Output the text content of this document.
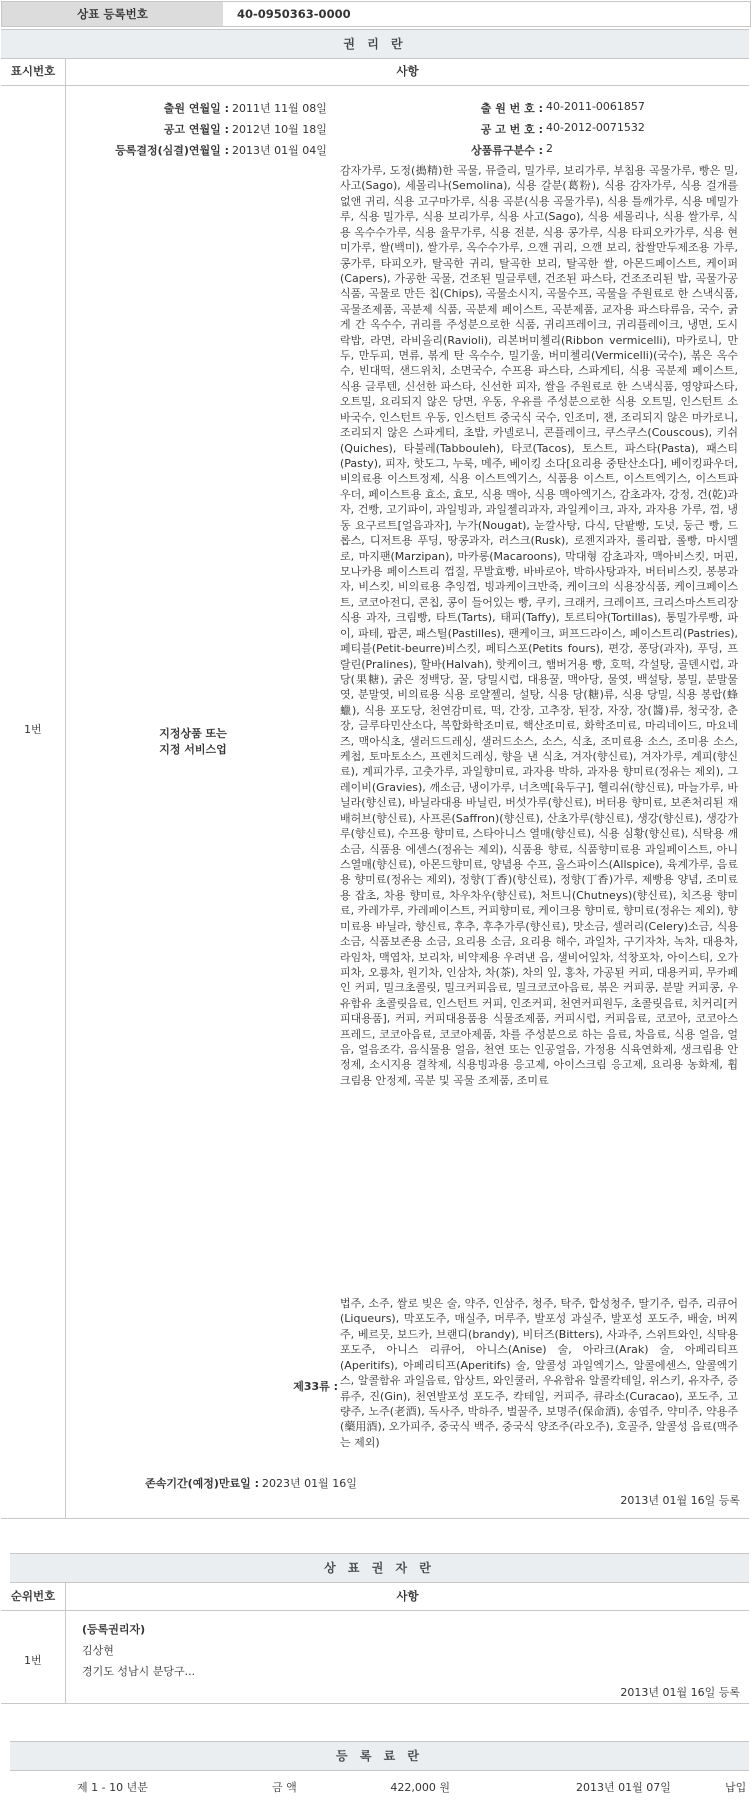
상표 등록번호	40-0950363-0000
권 리 란
표시번호	사항
1번
출원 연월일 : 2011년 11월 08일
공고 연월일 : 2012년 10월 18일
등록결정(심결)연월일 : 2013년 01월 04일
출 원 번 호 : 40-2011-0061857
공 고 번 호 : 40-2012-0071532
상품류구분수 : 2
지정상품 또는
지정 서비스업
감자가루, 도정(搗精)한 곡물, 뮤즐리, 밀가루, 보리가루, 부침용 곡물가루, 빵은 밀, 사고(Sago), 세몰리나(Semolina), 식용 갈분(葛粉), 식용 감자가루, 식용 걸개를 없앤 귀리, 식용 고구마가루, 식용 곡분(식용 곡물가루), 식용 틀깨가루, 식용 메밀가루, 식용 밀가루, 식용 보리가루, 식용 사고(Sago), 식용 세몰리나, 식용 쌀가루, 식용 옥수수가루, 식용 율무가루, 식용 전분, 식용 콩가루, 식용 타피오카가루, 식용 현미가루, 쌀(백미), 쌀가루, 옥수수가루, 으깬 귀리, 으깬 보리, 찹쌀만두제조용 가루, 콩가루, 타피오카, 탈곡한 귀리, 탈곡한 보리, 탈곡한 쌀, 아몬드페이스트, 케이퍼(Capers), 가공한 곡물, 건조된 밀글루텐, 건조된 파스타, 건조조리된 밥, 곡물가공식품, 곡물로 만든 칩(Chips), 곡물소시지, 곡물수프, 곡물을 주원료로 한 스낵식품, 곡물조제품, 곡분제 식품, 곡분제 페이스트, 곡분제품, 교자용 파스타류음, 국수, 굵게 간 옥수수, 귀리를 주성분으로한 식품, 귀리프레이크, 귀리플레이크, 냉면, 도시락밥, 라면, 라비올리(Ravioli), 리본버미첼리(Ribbon vermicelli), 마카로니, 만두, 만두피, 면류, 볶게 탄 옥수수, 밀기울, 버미첼리(Vermicelli)(국수), 볶은 옥수수, 빈대떡, 샌드위치, 소면국수, 수프용 파스타, 스파게티, 식용 곡분제 페이스트, 식용 글루텐, 신선한 파스타, 신선한 피자, 쌀을 주원료로 한 스낵식품, 영양파스타, 오트밀, 요리되지 않은 당면, 우동, 우유를 주성분으로한 식용 오트밀, 인스턴트 소바국수, 인스턴트 우동, 인스턴트 중국식 국수, 인조미, 잰, 조리되지 않은 마카로니, 조리되지 않은 스파게티, 초밥, 카넬로니, 콘플레이크, 쿠스쿠스(Couscous), 키쉬(Quiches), 타불레(Tabbouleh), 타코(Tacos), 토스트, 파스타(Pasta), 패스티(Pasty), 피자, 핫도그, 누룩, 메주, 베이킹 소다[요리용 중탄산소다], 베이킹파우더, 비의료용 이스트정제, 식용 이스트엑기스, 식품용 이스트, 이스트엑기스, 이스트파우더, 페이스트용 효소, 효모, 식용 맥아, 식용 맥아엑기스, 감초과자, 강정, 건(乾)과자, 건빵, 고기파이, 과일빙과, 과일젤리과자, 과일케이크, 과자, 과자용 가루, 껌, 냉동 요구르트[얼음과자], 누가(Nougat), 눈깔사탕, 다식, 단팥빵, 도넛, 둥근 빵, 드롭스, 디저트용 푸딩, 땅콩과자, 러스크(Rusk), 로젠지과자, 롤리팝, 롤빵, 마시멜로, 마지팬(Marzipan), 마카롱(Macaroons), 막대형 감초과자, 맥아비스킷, 머핀, 모나카용 페이스트리 껍질, 무발효빵, 바바로아, 박하사탕과자, 버터비스킷, 봉봉과자, 비스킷, 비의료용 추잉껌, 빙과케이크반죽, 케이크의 식용장식품, 케이크페이스트, 코코아전디, 콘칩, 콩이 들어있는 빵, 쿠키, 크래커, 크레이프, 크리스마스트리장식용 과자, 크림빵, 타트(Tarts), 태피(Taffy), 토르티야(Tortillas), 통밀가루빵, 파이, 파테, 팝콘, 패스틸(Pastilles), 팬케이크, 퍼프드라이스, 페이스트리(Pastries), 페티블(Petit-beurre)비스킷, 페티스포(Petits fours), 편강, 퐁당(과자), 푸딩, 프랄린(Pralines), 할바(Halvah), 핫케이크, 햄버거용 빵, 호떡, 각설탕, 골덴시럽, 과당(果糖), 굵은 정백당, 꿀, 당밀시럽, 대용꿀, 맥아당, 물엿, 백설탕, 봉밀, 분말물엿, 분말엿, 비의료용 식용 로얄젤리, 설탕, 식용 당(糖)류, 식용 당밀, 식용 봉랍(蜂蠟), 식용 포도당, 천연감미료, 떡, 간장, 고추장, 된장, 자장, 장(醬)류, 청국장, 춘장, 글루타민산소다, 복합화학조미료, 핵산조미료, 화학조미료, 마리네이드, 마요네즈, 맥아식초, 샐러드드레싱, 샐러드소스, 소스, 식초, 조미료용 소스, 조미용 소스, 케첩, 토마토소스, 프렌치드레싱, 향을 낸 식초, 겨자(향신료), 겨자가루, 계피(향신료), 계피가루, 고춧가루, 과일향미료, 과자용 박하, 과자용 향미료(정유는 제외), 그레이비(Gravies), 깨소금, 냉이가루, 너츠멕[육두구], 헬리쉬(향신료), 마늘가루, 바닐라(향신료), 바닐라대용 바닐린, 버섯가루(향신료), 버터용 향미료, 보존처리된 재배허브(향신료), 사프론(Saffron)(향신료), 산초가루(향신료), 생강(향신료), 생강가루(향신료), 수프용 향미료, 스타아니스 열매(향신료), 식용 심황(향신료), 식탁용 깨소금, 식품용 에센스(정유는 제외), 식품용 향료, 식품향미료용 과일페이스트, 아니스열매(향신료), 아몬드향미료, 양념용 수프, 올스파이스(Allspice), 육계가루, 음료용 향미료(정유는 제외), 정향(丁香)(향신료), 정향(丁香)가루, 제빵용 양념, 조미료용 잡초, 차용 향미료, 차우차우(향신료), 처트니(Chutneys)(향신료), 치즈용 향미료, 카레가루, 카레페이스트, 커피향미료, 케이크용 향미료, 향미료(정유는 제외), 향미료용 바닐라, 향신료, 후추, 후추가루(향신료), 맛소금, 셀러리(Celery)소금, 식용 소금, 식품보존용 소금, 요리용 소금, 요리용 해수, 과일차, 구기자차, 녹차, 대용차, 라임차, 맥엽차, 보리차, 비약제용 우려낸 음, 샐비어잎차, 석창포차, 아이스티, 오가피차, 오룡차, 원기차, 인삼차, 차(茶), 차의 잎, 홍차, 가공된 커피, 대용커피, 무카페인 커피, 밀크초콜릿, 밀크커피음료, 밀크코코아음료, 볶은 커피콩, 분말 커피콩, 우유함유 초콜릿음료, 인스턴트 커피, 인조커피, 천연커피원두, 초콜릿음료, 치커리[커피대용품], 커피, 커피대용품용 식물조제품, 커피시럽, 커피음료, 코코아, 코코아스프레드, 코코아음료, 코코아제품, 차를 주성분으로 하는 음료, 차음료, 식용 얼음, 얼음, 얼음조각, 음식물용 얼음, 천연 또는 인공얼음, 가정용 식육연화제, 생크림용 안정제, 소시지용 결착제, 식용빙과용 응고제, 아이스크림 응고제, 요리용 농화제, 휩크림용 안정제, 곡분 및 곡물 조제품, 조미료
제33류 :
법주, 소주, 쌀로 빚은 술, 약주, 인삼주, 청주, 탁주, 합성청주, 딸기주, 럼주, 리큐어(Liqueurs), 막포도주, 매실주, 머루주, 발포성 과실주, 발포성 포도주, 배술, 버찌주, 베르뭇, 보드카, 브랜디(brandy), 비터즈(Bitters), 사과주, 스위트와인, 식탁용 포도주, 아니스 리큐어, 아니스(Anise) 술, 아라크(Arak) 술, 아페리티프(Aperitifs), 아페리티프(Aperitifs) 술, 알콜성 과일엑기스, 알콜에센스, 알콜엑기스, 알콜함유 과일음료, 압상트, 와인쿨러, 우유함유 알콜칵테일, 위스키, 유자주, 증류주, 진(Gin), 천연발포성 포도주, 칵테일, 커피주, 큐라소(Curacao), 포도주, 고량주, 노주(老酒), 독사주, 박하주, 벌꿀주, 보명주(保命酒), 송엽주, 약미주, 약용주(藥用酒), 오가피주, 중국식 백주, 중국식 양조주(라오주), 호골주, 알콜성 음료(맥주는 제외)
존속기간(예정)만료일 : 2023년 01월 16일
2013년 01월 16일 등록
상 표 권 자 란
순위번호	사항
1번
(등록권리자)
김상현
경기도 성남시 분당구...
2013년 01월 16일 등록
등 록 료 란
제 1 - 10 년분	금 액	422,000 원	2013년 01월 07일	납입
